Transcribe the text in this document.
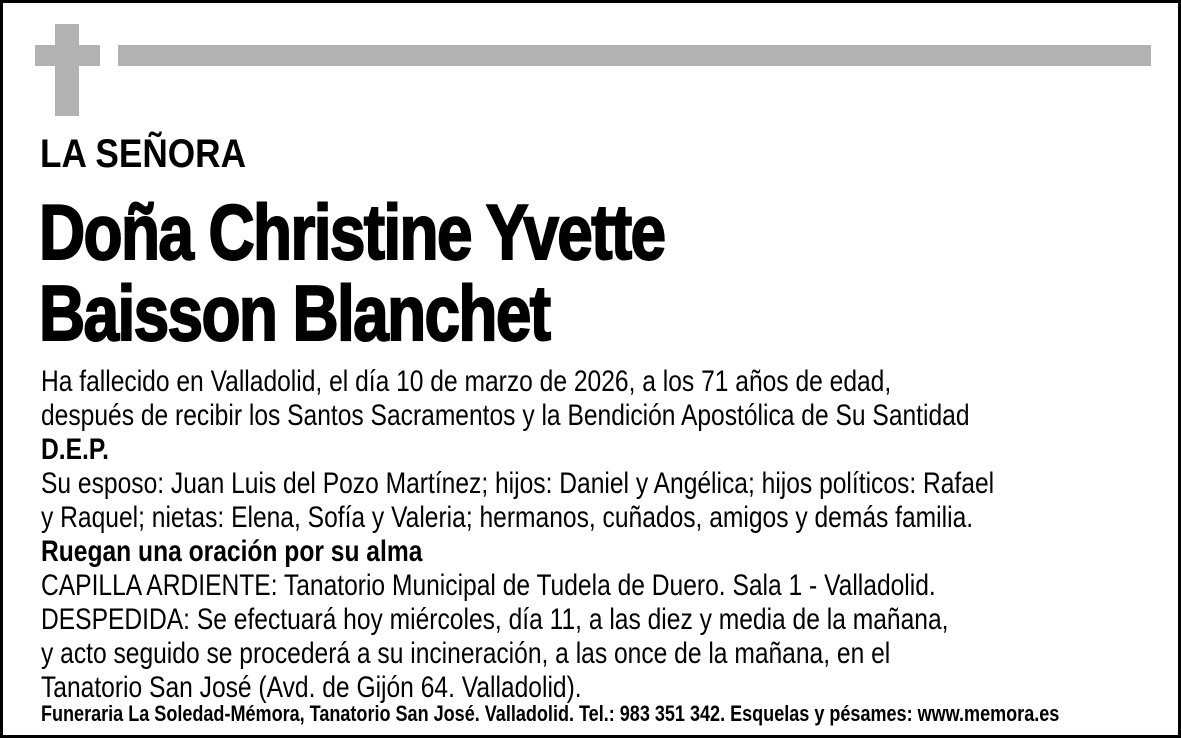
LA SEÑORA
Doña Christine Yvette
Baisson Blanchet
Ha fallecido en Valladolid, el día 10 de marzo de 2026, a los 71 años de edad,
después de recibir los Santos Sacramentos y la Bendición Apostólica de Su Santidad
D.E.P.
Su esposo: Juan Luis del Pozo Martínez; hijos: Daniel y Angélica; hijos políticos: Rafael
y Raquel; nietas: Elena, Sofía y Valeria; hermanos, cuñados, amigos y demás familia.
Ruegan una oración por su alma
CAPILLA ARDIENTE: Tanatorio Municipal de Tudela de Duero. Sala 1 - Valladolid.
DESPEDIDA: Se efectuará hoy miércoles, día 11, a las diez y media de la mañana,
y acto seguido se procederá a su incineración, a las once de la mañana, en el
Tanatorio San José (Avd. de Gijón 64. Valladolid).
Funeraria La Soledad-Mémora, Tanatorio San José. Valladolid. Tel.: 983 351 342. Esquelas y pésames: www.memora.es
